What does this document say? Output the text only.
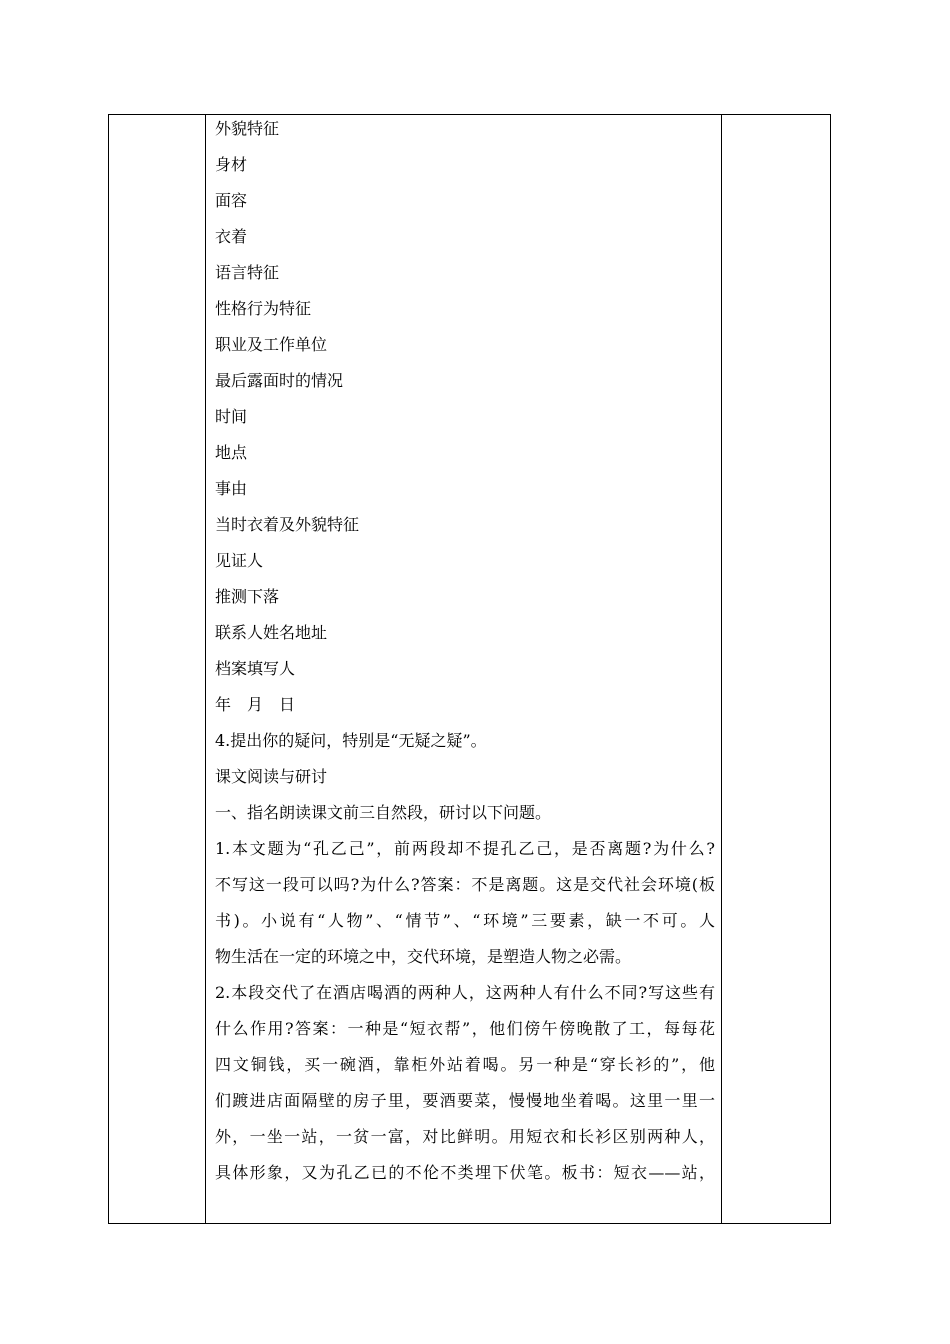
外貌特征
身材
面容
衣着
语言特征
性格行为特征
职业及工作单位
最后露面时的情况
时间
地点
事由
当时衣着及外貌特征
见证人
推测下落
联系人姓名地址
档案填写人
年　月　日
4.提出你的疑问，特别是“无疑之疑”。
课文阅读与研讨
一、指名朗读课文前三自然段，研讨以下问题。
1.本文题为“孔乙己”，前两段却不提孔乙己，是否离题?为什么?
不写这一段可以吗?为什么?答案：不是离题。这是交代社会环境(板
书)。小说有“人物”、“情节”、“环境”三要素，缺一不可。人
物生活在一定的环境之中，交代环境，是塑造人物之必需。
2.本段交代了在酒店喝酒的两种人，这两种人有什么不同?写这些有
什么作用?答案：一种是“短衣帮”，他们傍午傍晚散了工，每每花
四文铜钱，买一碗酒，靠柜外站着喝。另一种是“穿长衫的”，他
们踱进店面隔壁的房子里，要酒要菜，慢慢地坐着喝。这里一里一
外，一坐一站，一贫一富，对比鲜明。用短衣和长衫区别两种人，
具体形象，又为孔乙已的不伦不类埋下伏笔。板书：短衣——站，
